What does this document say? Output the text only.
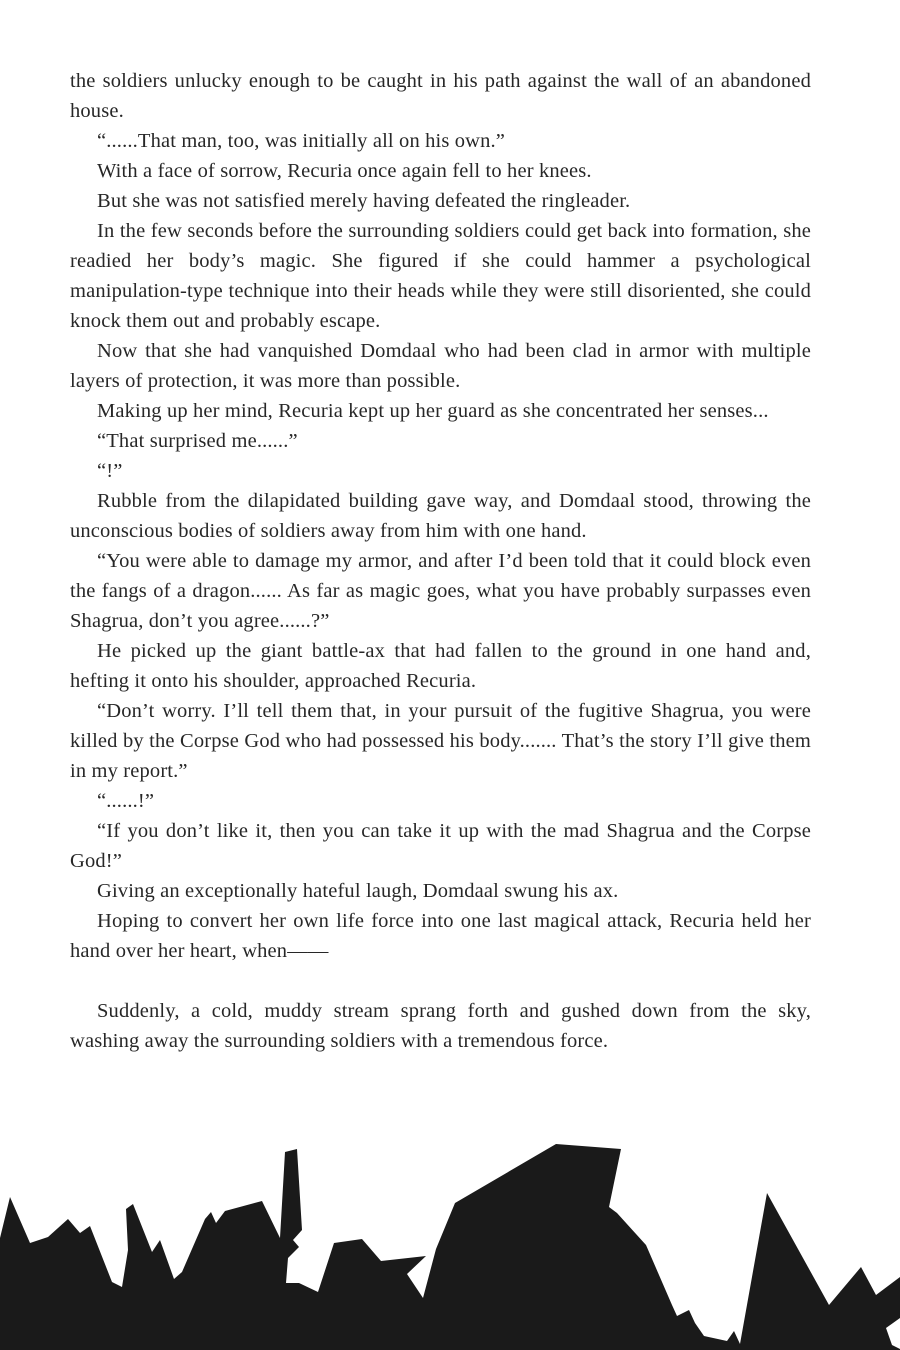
the soldiers unlucky enough to be caught in his path against the wall of an abandoned house.

“......That man, too, was initially all on his own.”

With a face of sorrow, Recuria once again fell to her knees.

But she was not satisfied merely having defeated the ringleader.

In the few seconds before the surrounding soldiers could get back into formation, she readied her body’s magic. She figured if she could hammer a psychological manipulation-type technique into their heads while they were still disoriented, she could knock them out and probably escape.

Now that she had vanquished Domdaal who had been clad in armor with multiple layers of protection, it was more than possible.

Making up her mind, Recuria kept up her guard as she concentrated her senses...

“That surprised me......”

“!”

Rubble from the dilapidated building gave way, and Domdaal stood, throwing the unconscious bodies of soldiers away from him with one hand.

“You were able to damage my armor, and after I’d been told that it could block even the fangs of a dragon...... As far as magic goes, what you have probably surpasses even Shagrua, don’t you agree......?”

He picked up the giant battle-ax that had fallen to the ground in one hand and, hefting it onto his shoulder, approached Recuria.

“Don’t worry. I’ll tell them that, in your pursuit of the fugitive Shagrua, you were killed by the Corpse God who had possessed his body....... That’s the story I’ll give them in my report.”

“......!”

“If you don’t like it, then you can take it up with the mad Shagrua and the Corpse God!”

Giving an exceptionally hateful laugh, Domdaal swung his ax.

Hoping to convert her own life force into one last magical attack, Recuria held her hand over her heart, when——

Suddenly, a cold, muddy stream sprang forth and gushed down from the sky, washing away the surrounding soldiers with a tremendous force.
